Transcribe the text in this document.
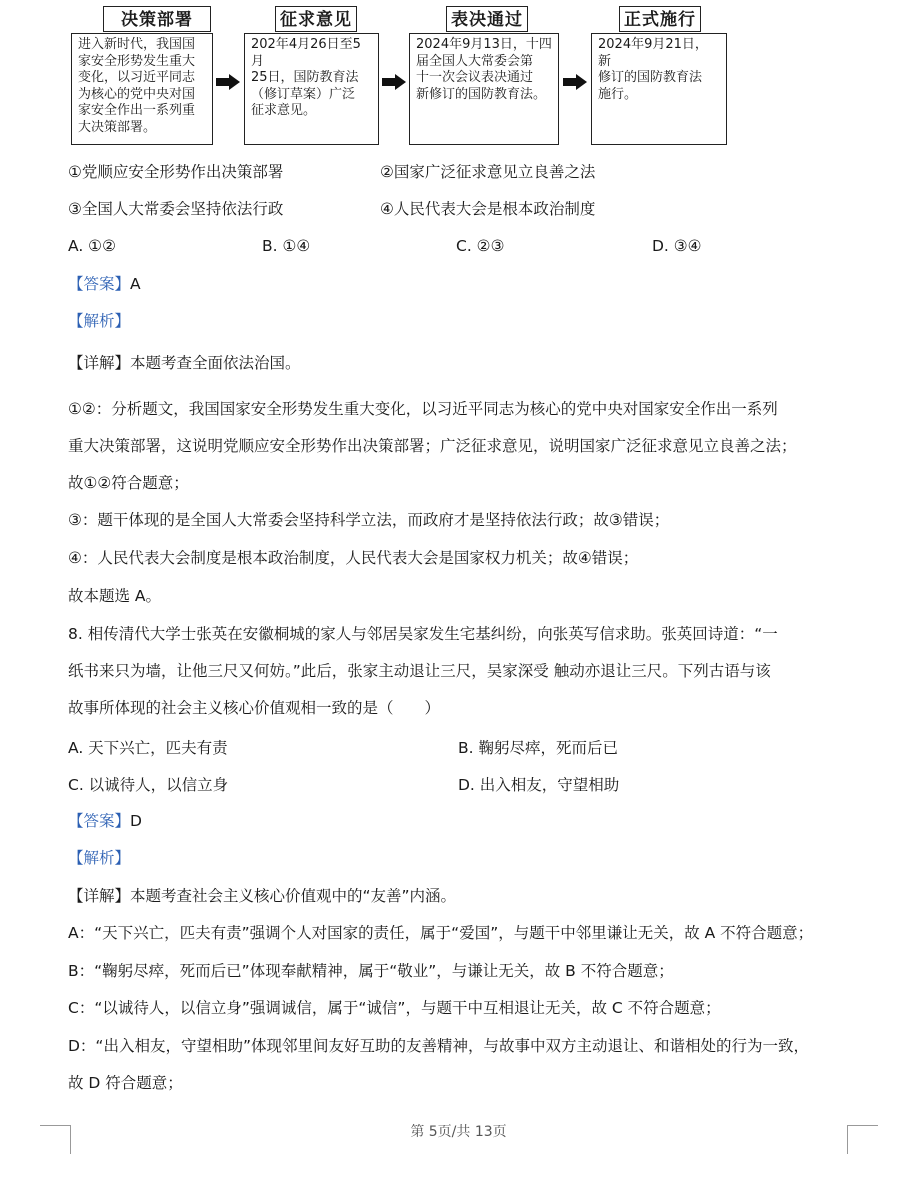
决策部署
进入新时代，我国国
家安全形势发生重大
变化，以习近平同志
为核心的党中央对国
家安全作出一系列重
大决策部署。
征求意见
202年4月26日至5月
25日，国防教育法
（修订草案）广泛
征求意见。
表决通过
2024年9月13日，十四
届全国人大常委会第
十一次会议表决通过
新修订的国防教育法。
正式施行
2024年9月21日，新
修订的国防教育法
施行。
①党顺应安全形势作出决策部署	②国家广泛征求意见立良善之法
③全国人大常委会坚持依法行政	④人民代表大会是根本政治制度
A. ①②	B. ①④	C. ②③	D. ③④
【答案】A
【解析】
【详解】本题考查全面依法治国。
①②：分析题文，我国国家安全形势发生重大变化，以习近平同志为核心的党中央对国家安全作出一系列
重大决策部署，这说明党顺应安全形势作出决策部署；广泛征求意见，说明国家广泛征求意见立良善之法；
故①②符合题意；
③：题干体现的是全国人大常委会坚持科学立法，而政府才是坚持依法行政；故③错误；
④：人民代表大会制度是根本政治制度，人民代表大会是国家权力机关；故④错误；
故本题选 A。
8. 相传清代大学士张英在安徽桐城的家人与邻居吴家发生宅基纠纷，向张英写信求助。张英回诗道：“一
纸书来只为墙，让他三尺又何妨。”此后，张家主动退让三尺，吴家深受 触动亦退让三尺。下列古语与该
故事所体现的社会主义核心价值观相一致的是（　　）
A. 天下兴亡，匹夫有责	B. 鞠躬尽瘁，死而后已
C. 以诚待人，以信立身	D. 出入相友，守望相助
【答案】D
【解析】
【详解】本题考查社会主义核心价值观中的“友善”内涵。
A：“天下兴亡，匹夫有责”强调个人对国家的责任，属于“爱国”，与题干中邻里谦让无关，故 A 不符合题意；
B：“鞠躬尽瘁，死而后已”体现奉献精神，属于“敬业”，与谦让无关，故 B 不符合题意；
C：“以诚待人，以信立身”强调诚信，属于“诚信”，与题干中互相退让无关，故 C 不符合题意；
D：“出入相友，守望相助”体现邻里间友好互助的友善精神，与故事中双方主动退让、和谐相处的行为一致，
故 D 符合题意；
第 5页/共 13页
